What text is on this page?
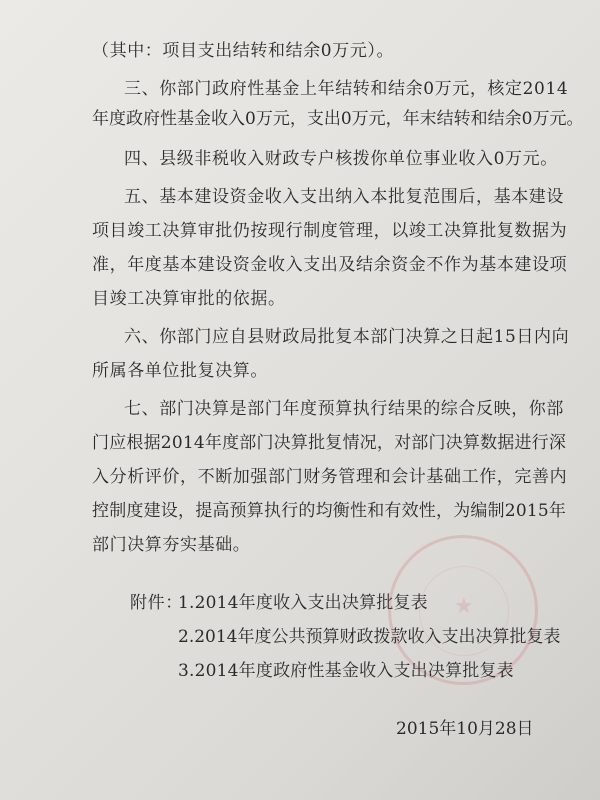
★
（其中：项目支出结转和结余0万元）。
三、你部门政府性基金上年结转和结余0万元，核定2014
年度政府性基金收入0万元，支出0万元，年末结转和结余0万元。
四、县级非税收入财政专户核拨你单位事业收入0万元。
五、基本建设资金收入支出纳入本批复范围后，基本建设
项目竣工决算审批仍按现行制度管理，以竣工决算批复数据为
准，年度基本建设资金收入支出及结余资金不作为基本建设项
目竣工决算审批的依据。
六、你部门应自县财政局批复本部门决算之日起15日内向
所属各单位批复决算。
七、部门决算是部门年度预算执行结果的综合反映，你部
门应根据2014年度部门决算批复情况，对部门决算数据进行深
入分析评价，不断加强部门财务管理和会计基础工作，完善内
控制度建设，提高预算执行的均衡性和有效性，为编制2015年
部门决算夯实基础。
附件：
1.2014年度收入支出决算批复表
2.2014年度公共预算财政拨款收入支出决算批复表
3.2014年度政府性基金收入支出决算批复表
2015年10月28日
